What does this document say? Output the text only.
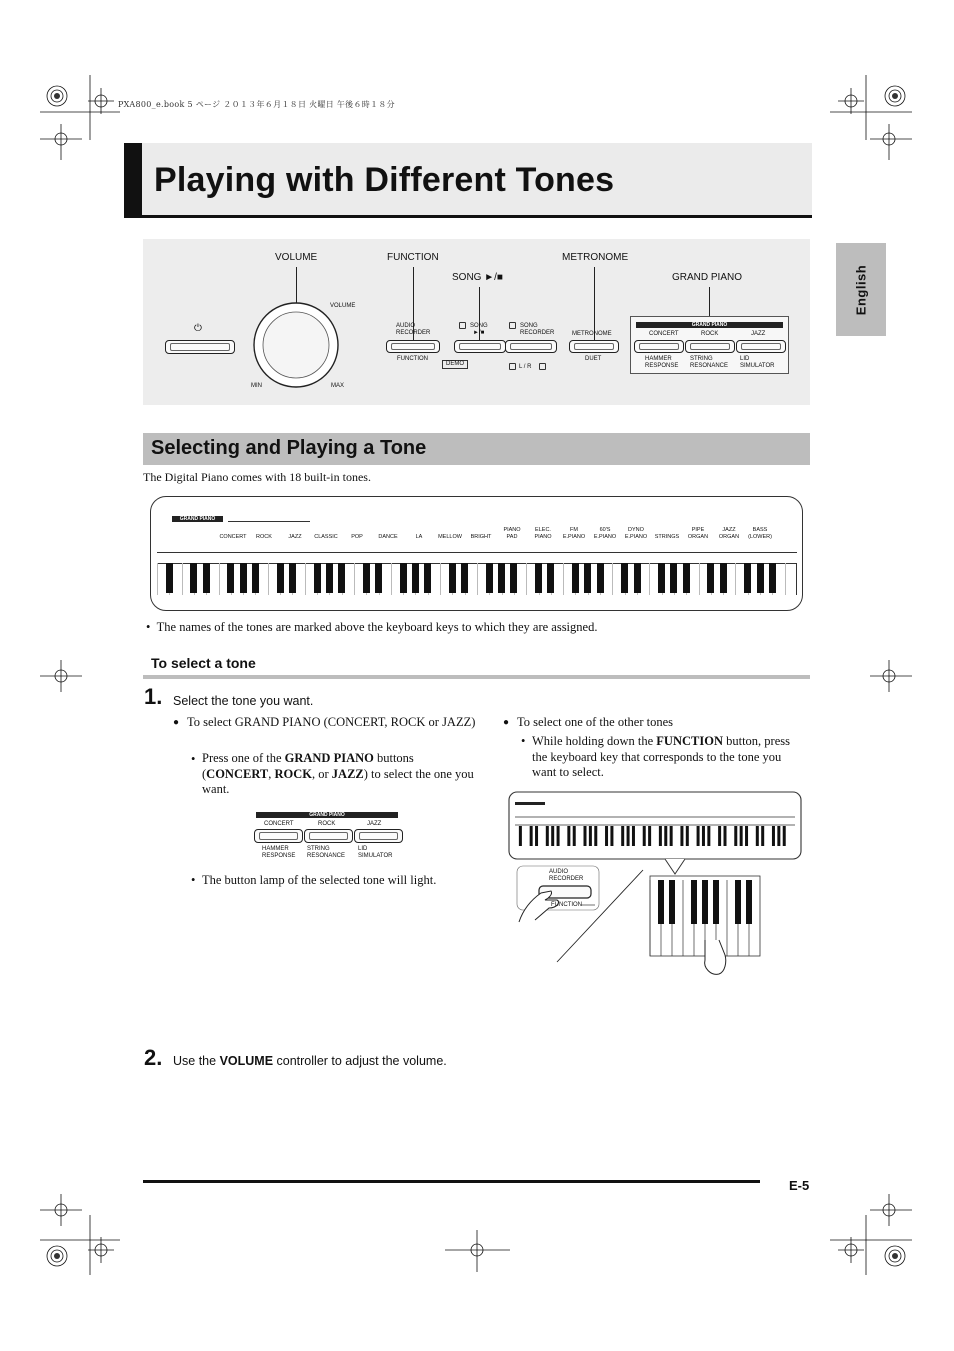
PXA800_e.book 5 ページ ２０１３年６月１８日 火曜日 午後６時１８分
Playing with Different Tones
English
VOLUME	FUNCTION
SONG ►/■
METRONOME
GRAND PIANO
⏻
VOLUME
MIN	MAX
AUDIO
RECORDER
FUNCTION
DEMO
SONG
►/■
SONG
RECORDER
L / R
METRONOME
DUET
GRAND PIANO
CONCERT	ROCK	JAZZ
HAMMER
RESPONSE
STRING
RESONANCE
LID
SIMULATOR
Selecting and Playing a Tone
The Digital Piano comes with 18 built-in tones.
GRAND PIANO
CONCERT	ROCK	JAZZ	CLASSIC	POP	DANCE	LA	MELLOW	BRIGHT
PIANO
PAD
ELEC.
PIANO
FM
E.PIANO
60'S
E.PIANO
DYNO
E.PIANO	STRINGS
PIPE
ORGAN
JAZZ
ORGAN
BASS
(LOWER)
• The names of the tones are marked above the keyboard keys to which they are assigned.
To select a tone
1. Select the tone you want.
● To select GRAND PIANO (CONCERT, ROCK or JAZZ)
• Press one of the GRAND PIANO buttons (CONCERT, ROCK, or JAZZ) to select the one you want.
GRAND PIANO
CONCERT	ROCK	JAZZ
HAMMER
RESPONSE
STRING
RESONANCE
LID
SIMULATOR
• The button lamp of the selected tone will light.
● To select one of the other tones
• While holding down the FUNCTION button, press the keyboard key that corresponds to the tone you want to select.
AUDIO
RECORDER
FUNCTION
2. Use the VOLUME controller to adjust the volume.
E-5
